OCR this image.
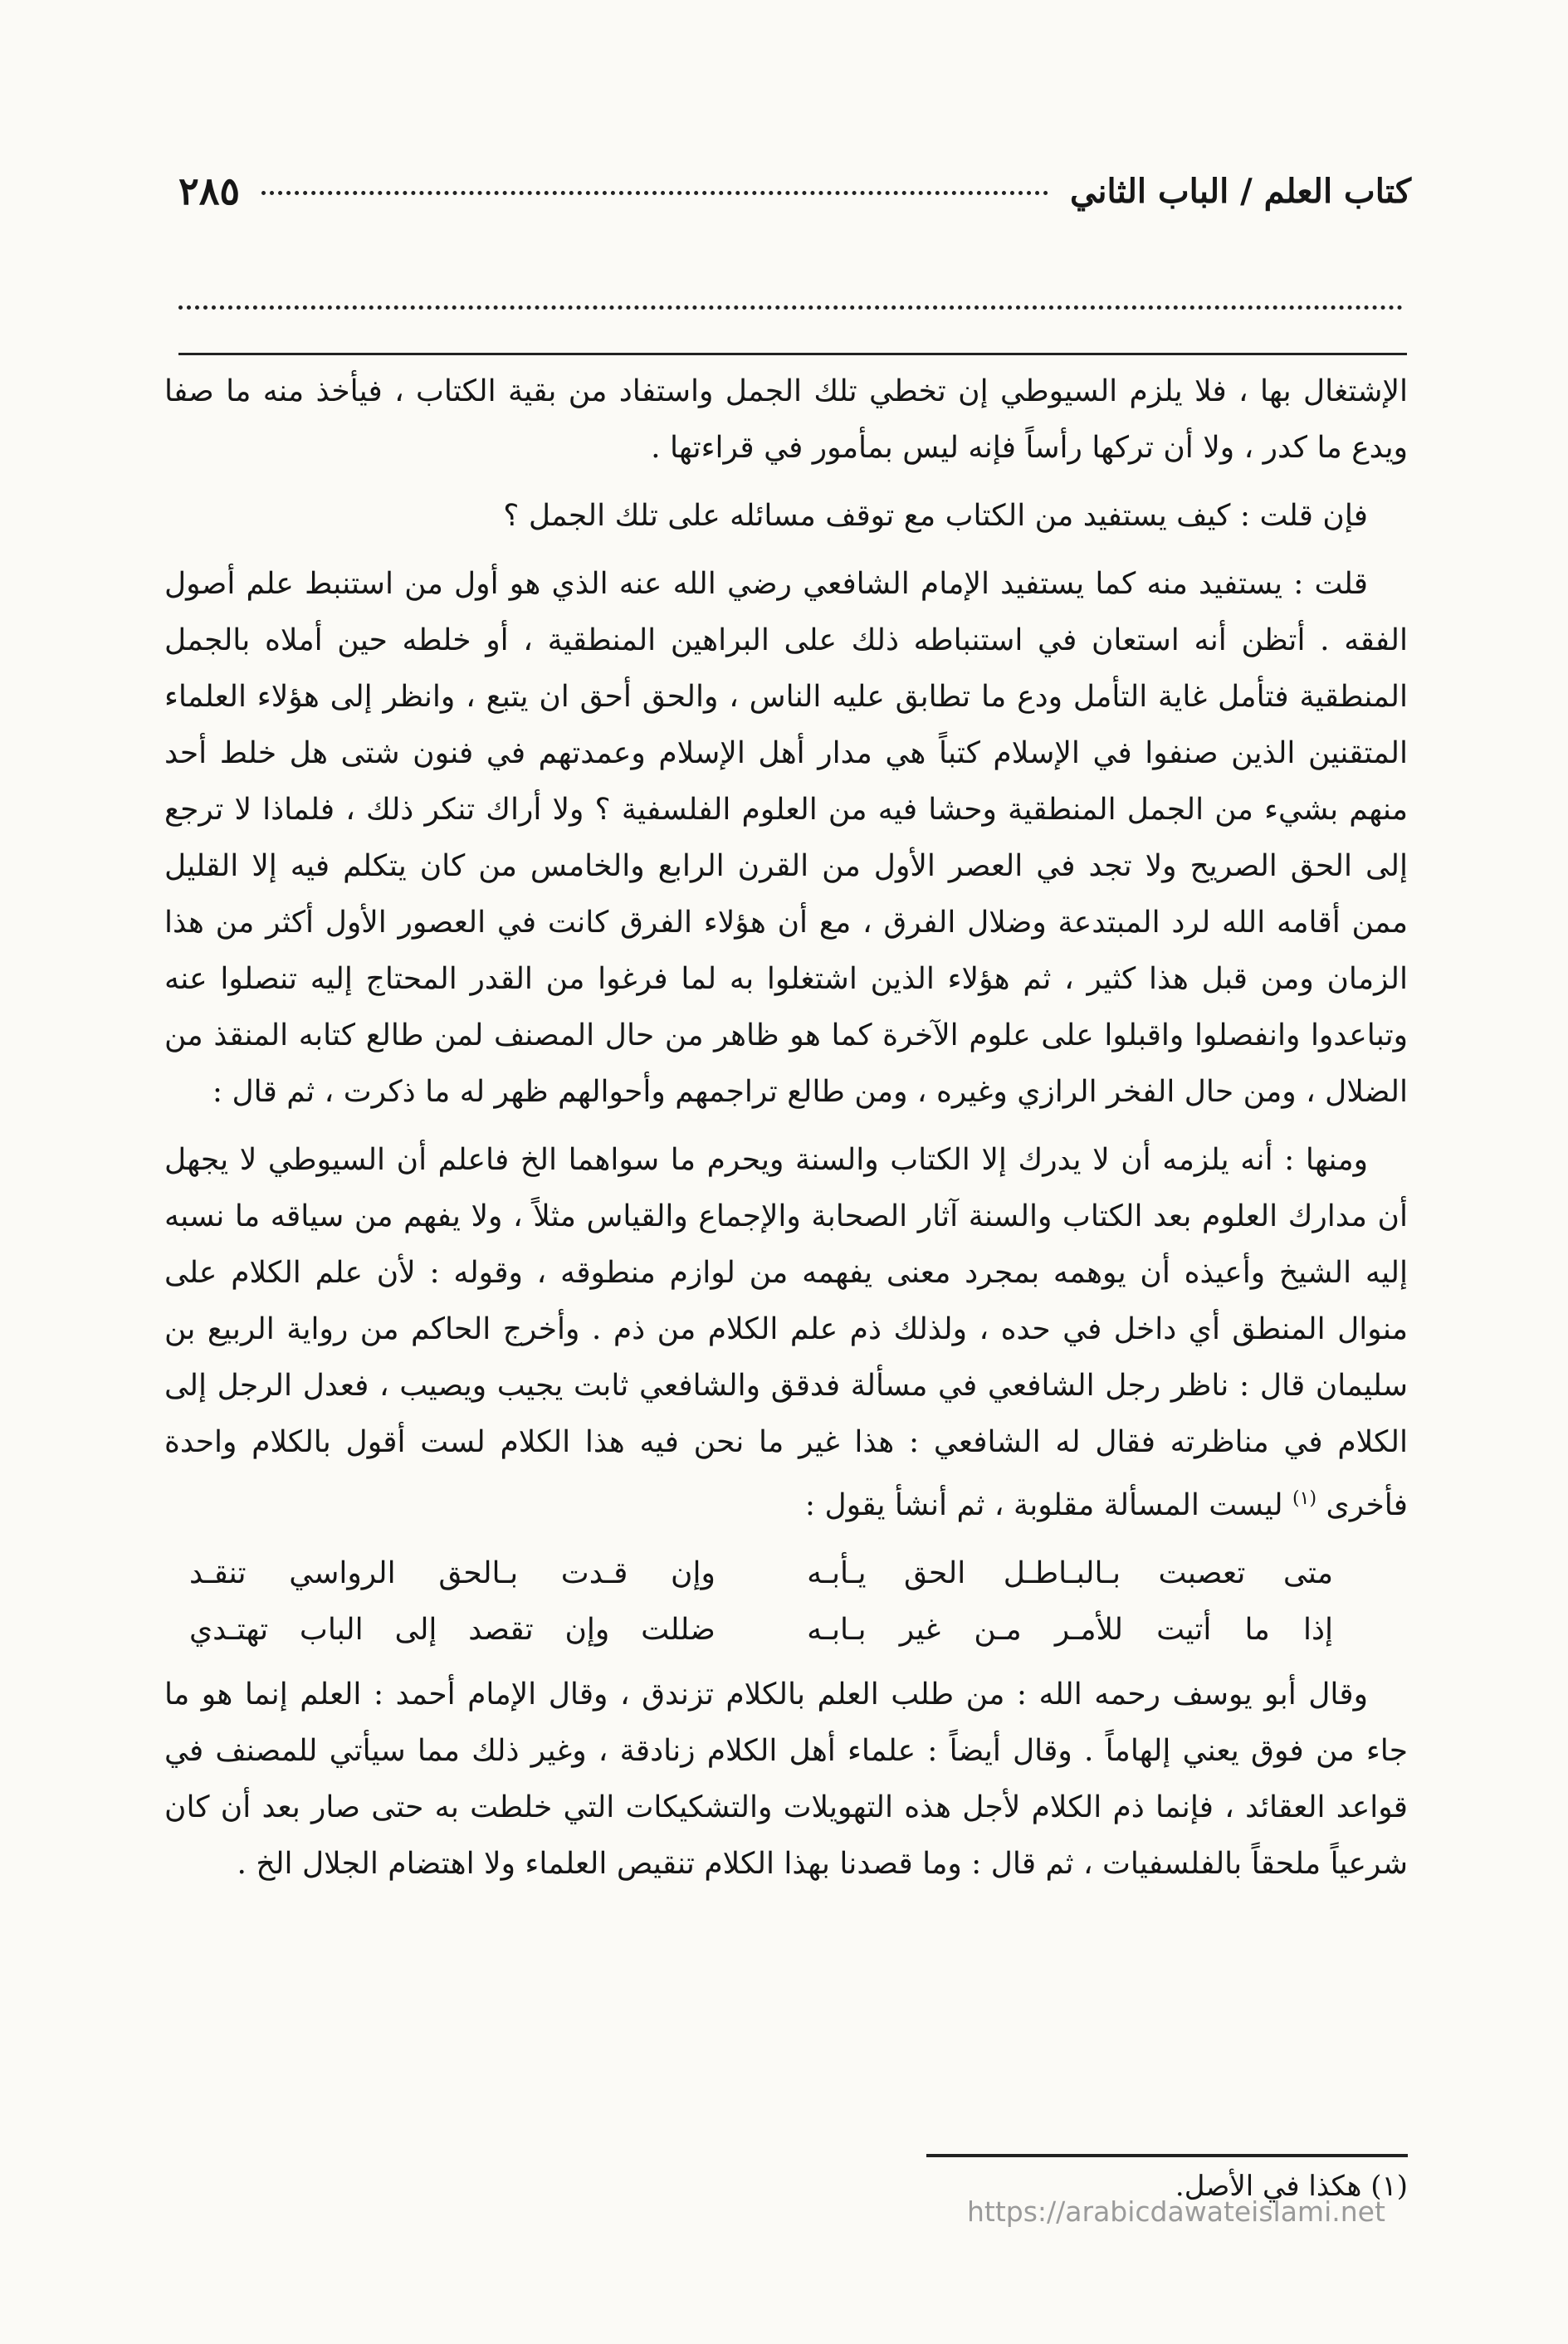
كتاب العلم / الباب الثاني
٢٨٥

الإشتغال بها ، فلا يلزم السيوطي إن تخطي تلك الجمل واستفاد من بقية الكتاب ، فيأخذ منه ما صفا ويدع ما كدر ، ولا أن تركها رأساً فإنه ليس بمأمور في قراءتها .

فإن قلت : كيف يستفيد من الكتاب مع توقف مسائله على تلك الجمل ؟

قلت : يستفيد منه كما يستفيد الإمام الشافعي رضي الله عنه الذي هو أول من استنبط علم أصول الفقه . أتظن أنه استعان في استنباطه ذلك على البراهين المنطقية ، أو خلطه حين أملاه بالجمل المنطقية فتأمل غاية التأمل ودع ما تطابق عليه الناس ، والحق أحق ان يتبع ، وانظر إلى هؤلاء العلماء المتقنين الذين صنفوا في الإسلام كتباً هي مدار أهل الإسلام وعمدتهم في فنون شتى هل خلط أحد منهم بشيء من الجمل المنطقية وحشا فيه من العلوم الفلسفية ؟ ولا أراك تنكر ذلك ، فلماذا لا ترجع إلى الحق الصريح ولا تجد في العصر الأول من القرن الرابع والخامس من كان يتكلم فيه إلا القليل ممن أقامه الله لرد المبتدعة وضلال الفرق ، مع أن هؤلاء الفرق كانت في العصور الأول أكثر من هذا الزمان ومن قبل هذا كثير ، ثم هؤلاء الذين اشتغلوا به لما فرغوا من القدر المحتاج إليه تنصلوا عنه وتباعدوا وانفصلوا واقبلوا على علوم الآخرة كما هو ظاهر من حال المصنف لمن طالع كتابه المنقذ من الضلال ، ومن حال الفخر الرازي وغيره ، ومن طالع تراجمهم وأحوالهم ظهر له ما ذكرت ، ثم قال :

ومنها : أنه يلزمه أن لا يدرك إلا الكتاب والسنة ويحرم ما سواهما الخ فاعلم أن السيوطي لا يجهل أن مدارك العلوم بعد الكتاب والسنة آثار الصحابة والإجماع والقياس مثلاً ، ولا يفهم من سياقه ما نسبه إليه الشيخ وأعيذه أن يوهمه بمجرد معنى يفهمه من لوازم منطوقه ، وقوله : لأن علم الكلام على منوال المنطق أي داخل في حده ، ولذلك ذم علم الكلام من ذم . وأخرج الحاكم من رواية الربيع بن سليمان قال : ناظر رجل الشافعي في مسألة فدقق والشافعي ثابت يجيب ويصيب ، فعدل الرجل إلى الكلام في مناظرته فقال له الشافعي : هذا غير ما نحن فيه هذا الكلام لست أقول بالكلام واحدة فأخرى $^{(١)}$ ليست المسألة مقلوبة ، ثم أنشأ يقول :

متى تعصبت بـالبـاطـل الحق يـأبـه
وإن قـدت بـالحق الرواسي تنقـد
إذا ما أتيت للأمـر مـن غير بـابـه
ضللت وإن تقصد إلى الباب تهتـدي

وقال أبو يوسف رحمه الله : من طلب العلم بالكلام تزندق ، وقال الإمام أحمد : العلم إنما هو ما جاء من فوق يعني إلهاماً . وقال أيضاً : علماء أهل الكلام زنادقة ، وغير ذلك مما سيأتي للمصنف في قواعد العقائد ، فإنما ذم الكلام لأجل هذه التهويلات والتشكيكات التي خلطت به حتى صار بعد أن كان شرعياً ملحقاً بالفلسفيات ، ثم قال : وما قصدنا بهذا الكلام تنقيص العلماء ولا اهتضام الجلال الخ .

(١) هكذا في الأصل.
https://arabicdawateislami.net
